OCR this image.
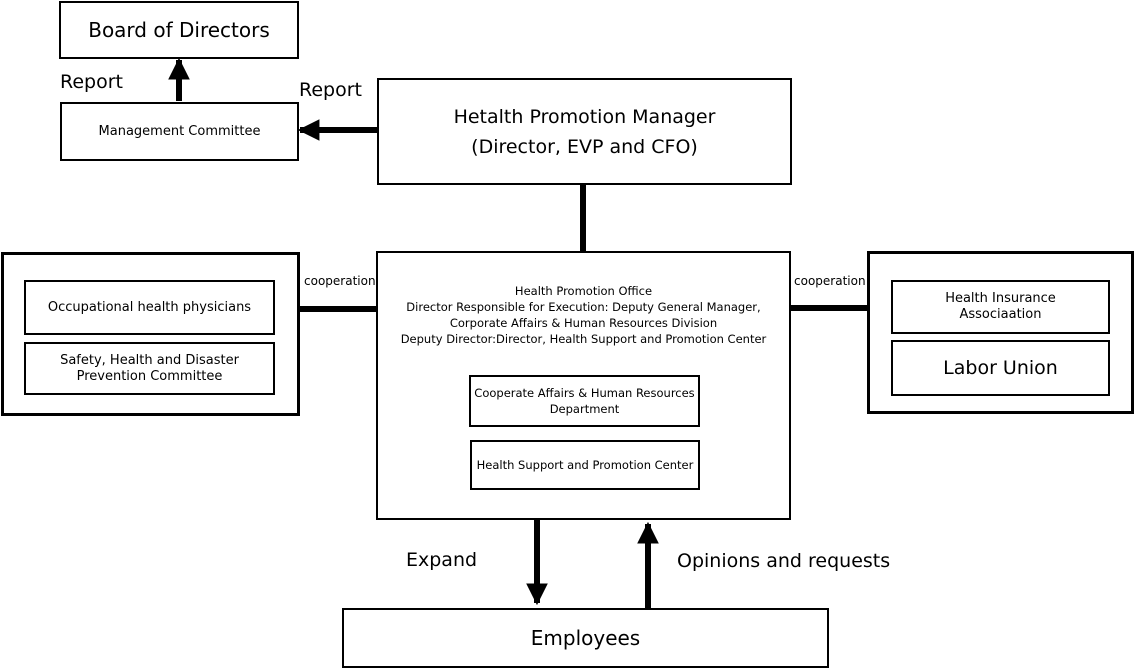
Board of Directors
Management Committee
Hetalth Promotion Manager
(Director, EVP and CFO)
Health Promotion Office
Director Responsible for Execution: Deputy General Manager,
Corporate Affairs & Human Resources Division
Deputy Director:Director, Health Support and Promotion Center
Cooperate Affairs & Human Resources
Department
Health Support and Promotion Center
Occupational health physicians
Safety, Health and Disaster
Prevention Committee
Health Insurance
Associaation
Labor Union
Employees
Report	Report
cooperation	cooperation
Expand	Opinions and requests
